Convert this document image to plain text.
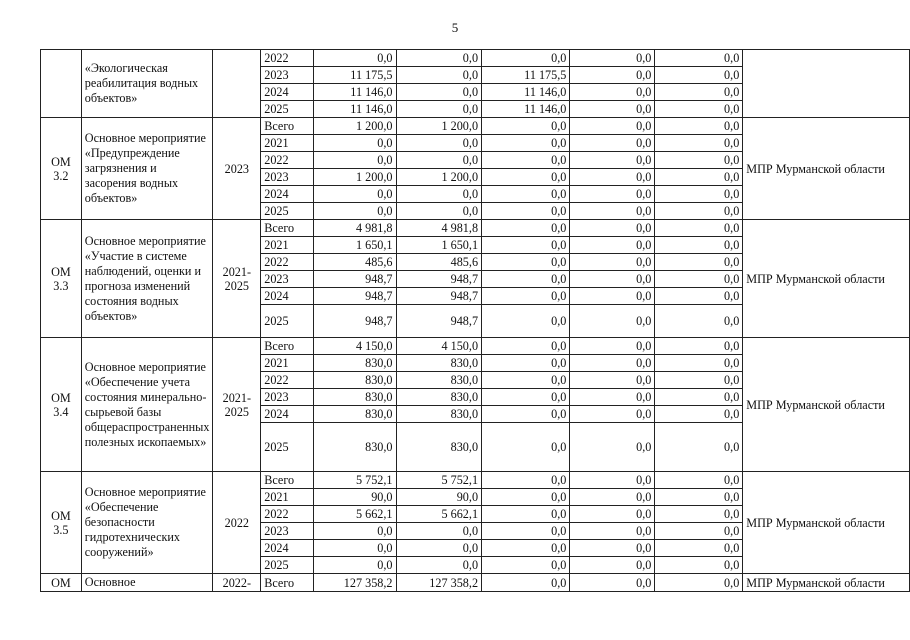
5
	«Экологическая реабилитация водных объектов»		2022	0,0	0,0	0,0	0,0	0,0	
			2023	11 175,5	0,0	11 175,5	0,0	0,0	
			2024	11 146,0	0,0	11 146,0	0,0	0,0	
			2025	11 146,0	0,0	11 146,0	0,0	0,0	
ОМ 3.2	Основное мероприятие «Предупреждение загрязнения и засорения водных объектов»	2023	Всего	1 200,0	1 200,0	0,0	0,0	0,0	МПР Мурманской области
			2021	0,0	0,0	0,0	0,0	0,0	
			2022	0,0	0,0	0,0	0,0	0,0	
			2023	1 200,0	1 200,0	0,0	0,0	0,0	
			2024	0,0	0,0	0,0	0,0	0,0	
			2025	0,0	0,0	0,0	0,0	0,0	
ОМ 3.3	Основное мероприятие «Участие в системе наблюдений, оценки и прогноза изменений состояния водных объектов»	2021-2025	Всего	4 981,8	4 981,8	0,0	0,0	0,0	МПР Мурманской области
			2021	1 650,1	1 650,1	0,0	0,0	0,0	
			2022	485,6	485,6	0,0	0,0	0,0	
			2023	948,7	948,7	0,0	0,0	0,0	
			2024	948,7	948,7	0,0	0,0	0,0	
			2025	948,7	948,7	0,0	0,0	0,0	
ОМ 3.4	Основное мероприятие «Обеспечение учета состояния минерально-сырьевой базы общераспространенных полезных ископаемых»	2021-2025	Всего	4 150,0	4 150,0	0,0	0,0	0,0	МПР Мурманской области
			2021	830,0	830,0	0,0	0,0	0,0	
			2022	830,0	830,0	0,0	0,0	0,0	
			2023	830,0	830,0	0,0	0,0	0,0	
			2024	830,0	830,0	0,0	0,0	0,0	
			2025	830,0	830,0	0,0	0,0	0,0	
ОМ 3.5	Основное мероприятие «Обеспечение безопасности гидротехнических сооружений»	2022	Всего	5 752,1	5 752,1	0,0	0,0	0,0	МПР Мурманской области
			2021	90,0	90,0	0,0	0,0	0,0	
			2022	5 662,1	5 662,1	0,0	0,0	0,0	
			2023	0,0	0,0	0,0	0,0	0,0	
			2024	0,0	0,0	0,0	0,0	0,0	
			2025	0,0	0,0	0,0	0,0	0,0	
ОМ	Основное	2022-	Всего	127 358,2	127 358,2	0,0	0,0	0,0	МПР Мурманской области
